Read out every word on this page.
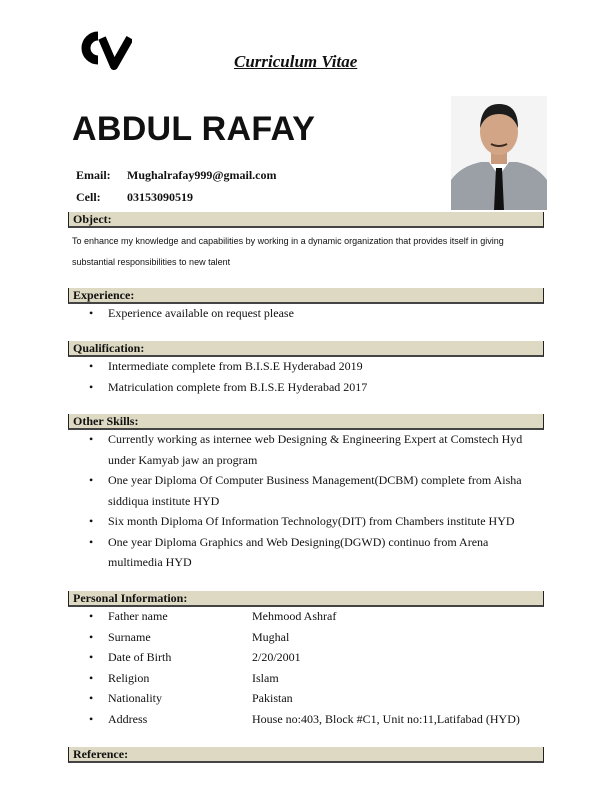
Curriculum Vitae
ABDUL RAFAY
Email: Mughalrafay999@gmail.com
Cell: 03153090519
Object:
To enhance my knowledge and capabilities by working in a dynamic organization that provides itself in giving substantial responsibilities to new talent
Experience:
• Experience available on request please
Qualification:
• Intermediate complete from B.I.S.E Hyderabad 2019
• Matriculation complete from B.I.S.E Hyderabad 2017
Other Skills:
• Currently working as internee web Designing & Engineering Expert at Comstech Hyd under Kamyab jaw an program
• One year Diploma Of Computer Business Management(DCBM) complete from Aisha siddiqua institute HYD
• Six month Diploma Of Information Technology(DIT) from Chambers institute HYD
• One year Diploma Graphics and Web Designing(DGWD) continuo from Arena multimedia HYD
Personal Information:
• Father name	Mehmood Ashraf
• Surname	Mughal
• Date of Birth	2/20/2001
• Religion	Islam
• Nationality	Pakistan
• Address	House no:403, Block #C1, Unit no:11,Latifabad (HYD)
Reference:
